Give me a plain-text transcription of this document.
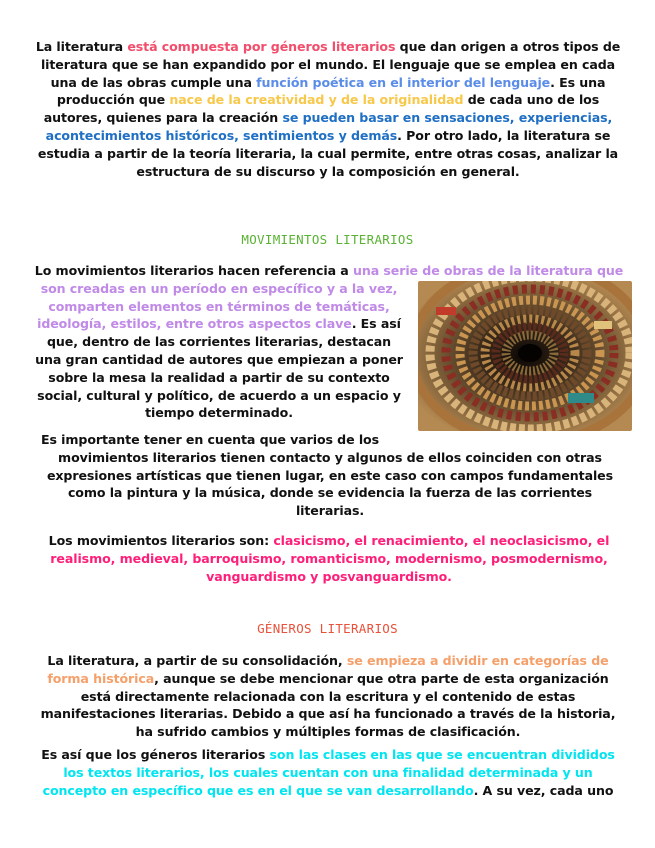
La literatura está compuesta por géneros literarios que dan origen a otros tipos de literatura que se han expandido por el mundo. El lenguaje que se emplea en cada una de las obras cumple una función poética en el interior del lenguaje. Es una producción que nace de la creatividad y de la originalidad de cada uno de los autores, quienes para la creación se pueden basar en sensaciones, experiencias, acontecimientos históricos, sentimientos y demás. Por otro lado, la literatura se estudia a partir de la teoría literaria, la cual permite, entre otras cosas, analizar la estructura de su discurso y la composición en general.

MOVIMIENTOS LITERARIOS

Lo movimientos literarios hacen referencia a una serie de obras de la literatura que
son creadas en un período en específico y a la vez, comparten elementos en términos de temáticas, ideología, estilos, entre otros aspectos clave. Es así que, dentro de las corrientes literarias, destacan una gran cantidad de autores que empiezan a poner sobre la mesa la realidad a partir de su contexto social, cultural y político, de acuerdo a un espacio y tiempo determinado.

Es importante tener en cuenta que varios de los
movimientos literarios tienen contacto y algunos de ellos coinciden con otras expresiones artísticas que tienen lugar, en este caso con campos fundamentales como la pintura y la música, donde se evidencia la fuerza de las corrientes literarias.

Los movimientos literarios son: clasicismo, el renacimiento, el neoclasicismo, el realismo, medieval, barroquismo, romanticismo, modernismo, posmodernismo, vanguardismo y posvanguardismo.

GÉNEROS LITERARIOS

La literatura, a partir de su consolidación, se empieza a dividir en categorías de forma histórica, aunque se debe mencionar que otra parte de esta organización está directamente relacionada con la escritura y el contenido de estas manifestaciones literarias. Debido a que así ha funcionado a través de la historia, ha sufrido cambios y múltiples formas de clasificación.

Es así que los géneros literarios son las clases en las que se encuentran divididos los textos literarios, los cuales cuentan con una finalidad determinada y un concepto en específico que es en el que se van desarrollando. A su vez, cada uno
